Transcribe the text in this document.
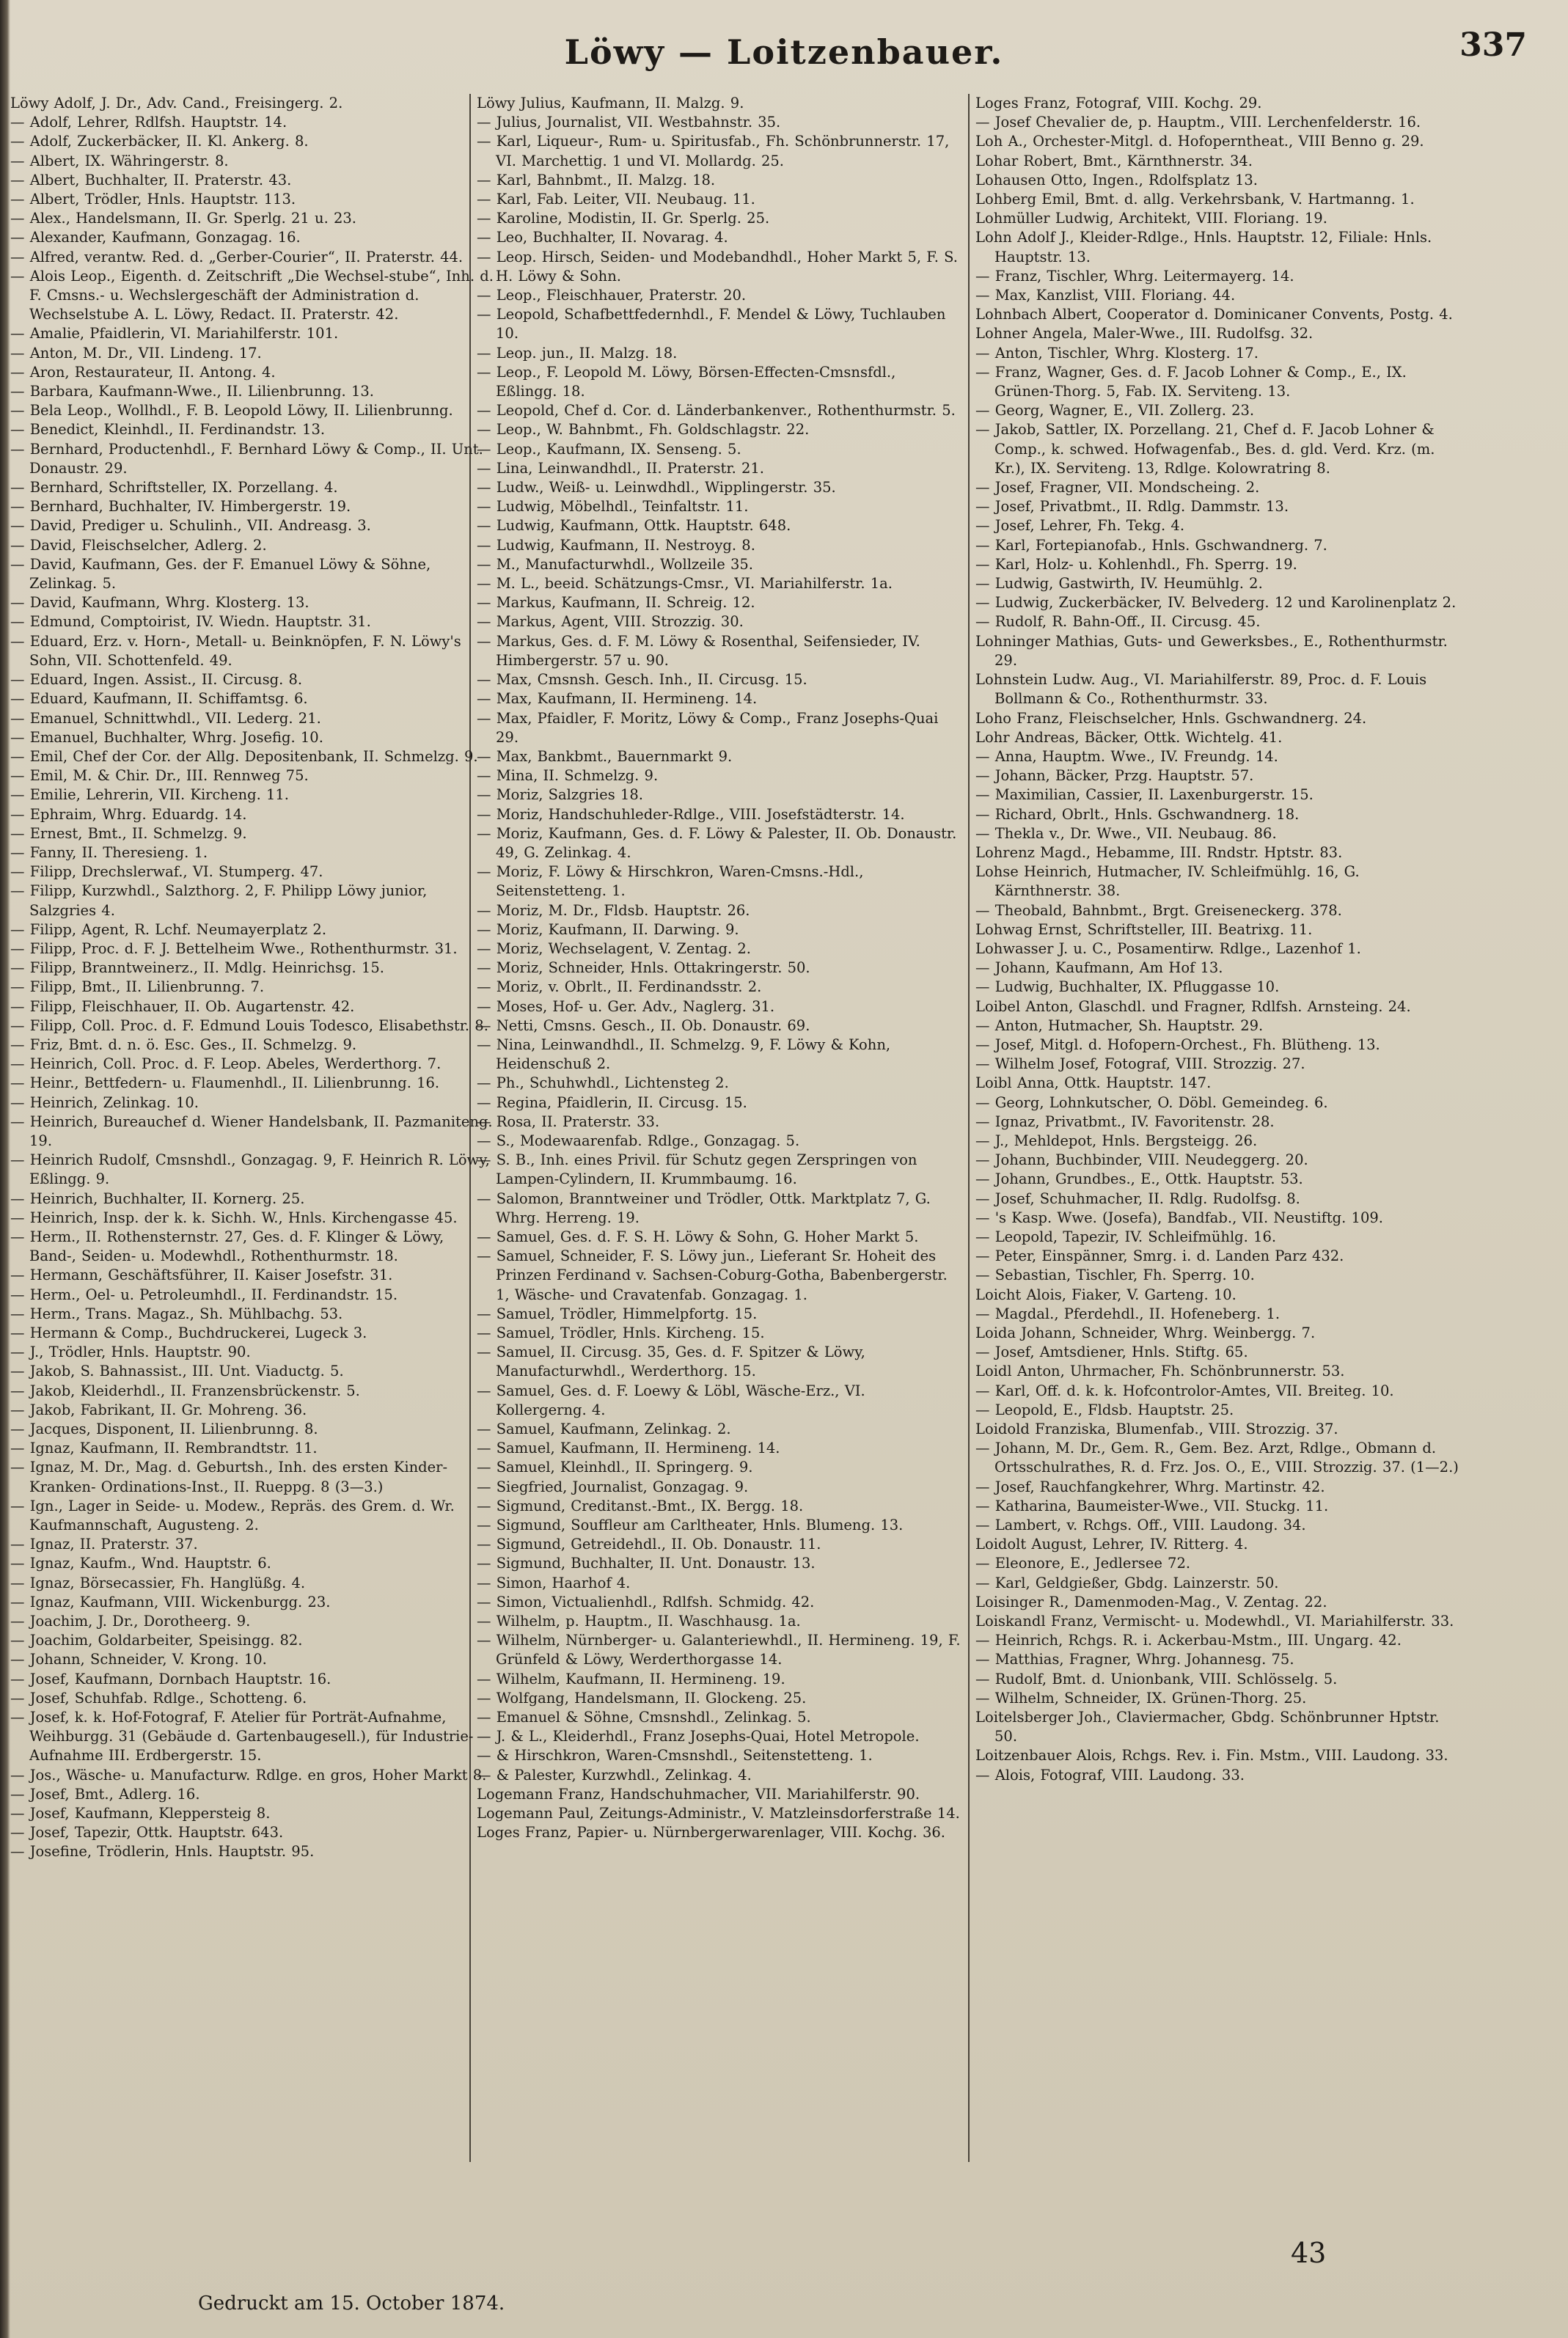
Löwy — Loitzenbauer.	337

Löwy Adolf, J. Dr., Adv. Cand., Freisingerg. 2.

— Adolf, Lehrer, Rdlfsh. Hauptstr. 14.

— Adolf, Zuckerbäcker, II. Kl. Ankerg. 8.

— Albert, IX. Währingerstr. 8.

— Albert, Buchhalter, II. Praterstr. 43.

— Albert, Trödler, Hnls. Hauptstr. 113.

— Alex., Handelsmann, II. Gr. Sperlg. 21 u. 23.

— Alexander, Kaufmann, Gonzagag. 16.

— Alfred, verantw. Red. d. „Gerber-Courier“, II. Praterstr. 44.

— Alois Leop., Eigenth. d. Zeitschrift „Die Wechsel-stube“, Inh. d. F. Cmsns.- u. Wechslergeschäft der Administration d. Wechselstube A. L. Löwy, Redact. II. Praterstr. 42.

— Amalie, Pfaidlerin, VI. Mariahilferstr. 101.

— Anton, M. Dr., VII. Lindeng. 17.

— Aron, Restaurateur, II. Antong. 4.

— Barbara, Kaufmann-Wwe., II. Lilienbrunng. 13.

— Bela Leop., Wollhdl., F. B. Leopold Löwy, II. Lilienbrunng.

— Benedict, Kleinhdl., II. Ferdinandstr. 13.

— Bernhard, Productenhdl., F. Bernhard Löwy & Comp., II. Unt. Donaustr. 29.

— Bernhard, Schriftsteller, IX. Porzellang. 4.

— Bernhard, Buchhalter, IV. Himbergerstr. 19.

— David, Prediger u. Schulinh., VII. Andreasg. 3.

— David, Fleischselcher, Adlerg. 2.

— David, Kaufmann, Ges. der F. Emanuel Löwy & Söhne, Zelinkag. 5.

— David, Kaufmann, Whrg. Klosterg. 13.

— Edmund, Comptoirist, IV. Wiedn. Hauptstr. 31.

— Eduard, Erz. v. Horn-, Metall- u. Beinknöpfen, F. N. Löwy's Sohn, VII. Schottenfeld. 49.

— Eduard, Ingen. Assist., II. Circusg. 8.

— Eduard, Kaufmann, II. Schiffamtsg. 6.

— Emanuel, Schnittwhdl., VII. Lederg. 21.

— Emanuel, Buchhalter, Whrg. Josefig. 10.

— Emil, Chef der Cor. der Allg. Depositenbank, II. Schmelzg. 9.

— Emil, M. & Chir. Dr., III. Rennweg 75.

— Emilie, Lehrerin, VII. Kircheng. 11.

— Ephraim, Whrg. Eduardg. 14.

— Ernest, Bmt., II. Schmelzg. 9.

— Fanny, II. Theresieng. 1.

— Filipp, Drechslerwaf., VI. Stumperg. 47.

— Filipp, Kurzwhdl., Salzthorg. 2, F. Philipp Löwy junior, Salzgries 4.

— Filipp, Agent, R. Lchf. Neumayerplatz 2.

— Filipp, Proc. d. F. J. Bettelheim Wwe., Rothenthurmstr. 31.

— Filipp, Branntweinerz., II. Mdlg. Heinrichsg. 15.

— Filipp, Bmt., II. Lilienbrunng. 7.

— Filipp, Fleischhauer, II. Ob. Augartenstr. 42.

— Filipp, Coll. Proc. d. F. Edmund Louis Todesco, Elisabethstr. 8.

— Friz, Bmt. d. n. ö. Esc. Ges., II. Schmelzg. 9.

— Heinrich, Coll. Proc. d. F. Leop. Abeles, Werderthorg. 7.

— Heinr., Bettfedern- u. Flaumenhdl., II. Lilienbrunng. 16.

— Heinrich, Zelinkag. 10.

— Heinrich, Bureauchef d. Wiener Handelsbank, II. Pazmaniteng. 19.

— Heinrich Rudolf, Cmsnshdl., Gonzagag. 9, F. Heinrich R. Löwy, Eßlingg. 9.

— Heinrich, Buchhalter, II. Kornerg. 25.

— Heinrich, Insp. der k. k. Sichh. W., Hnls. Kirchengasse 45.

— Herm., II. Rothensternstr. 27, Ges. d. F. Klinger & Löwy, Band-, Seiden- u. Modewhdl., Rothenthurmstr. 18.

— Hermann, Geschäftsführer, II. Kaiser Josefstr. 31.

— Herm., Oel- u. Petroleumhdl., II. Ferdinandstr. 15.

— Herm., Trans. Magaz., Sh. Mühlbachg. 53.

— Hermann & Comp., Buchdruckerei, Lugeck 3.

— J., Trödler, Hnls. Hauptstr. 90.

— Jakob, S. Bahnassist., III. Unt. Viaductg. 5.

— Jakob, Kleiderhdl., II. Franzensbrückenstr. 5.

— Jakob, Fabrikant, II. Gr. Mohreng. 36.

— Jacques, Disponent, II. Lilienbrunng. 8.

— Ignaz, Kaufmann, II. Rembrandtstr. 11.

— Ignaz, M. Dr., Mag. d. Geburtsh., Inh. des ersten Kinder-Kranken- Ordinations-Inst., II. Rueppg. 8 (3—3.)

— Ign., Lager in Seide- u. Modew., Repräs. des Grem. d. Wr. Kaufmannschaft, Augusteng. 2.

— Ignaz, II. Praterstr. 37.

— Ignaz, Kaufm., Wnd. Hauptstr. 6.

— Ignaz, Börsecassier, Fh. Hanglüßg. 4.

— Ignaz, Kaufmann, VIII. Wickenburgg. 23.

— Joachim, J. Dr., Dorotheerg. 9.

— Joachim, Goldarbeiter, Speisingg. 82.

— Johann, Schneider, V. Krong. 10.

— Josef, Kaufmann, Dornbach Hauptstr. 16.

— Josef, Schuhfab. Rdlge., Schotteng. 6.

— Josef, k. k. Hof-Fotograf, F. Atelier für Porträt-Aufnahme, Weihburgg. 31 (Gebäude d. Gartenbaugesell.), für Industrie-Aufnahme III. Erdbergerstr. 15.

— Jos., Wäsche- u. Manufacturw. Rdlge. en gros, Hoher Markt 8.

— Josef, Bmt., Adlerg. 16.

— Josef, Kaufmann, Kleppersteig 8.

— Josef, Tapezir, Ottk. Hauptstr. 643.

— Josefine, Trödlerin, Hnls. Hauptstr. 95.

Löwy Julius, Kaufmann, II. Malzg. 9.

— Julius, Journalist, VII. Westbahnstr. 35.

— Karl, Liqueur-, Rum- u. Spiritusfab., Fh. Schönbrunnerstr. 17, VI. Marchettig. 1 und VI. Mollardg. 25.

— Karl, Bahnbmt., II. Malzg. 18.

— Karl, Fab. Leiter, VII. Neubaug. 11.

— Karoline, Modistin, II. Gr. Sperlg. 25.

— Leo, Buchhalter, II. Novarag. 4.

— Leop. Hirsch, Seiden- und Modebandhdl., Hoher Markt 5, F. S. H. Löwy & Sohn.

— Leop., Fleischhauer, Praterstr. 20.

— Leopold, Schafbettfedernhdl., F. Mendel & Löwy, Tuchlauben 10.

— Leop. jun., II. Malzg. 18.

— Leop., F. Leopold M. Löwy, Börsen-Effecten-Cmsnsfdl., Eßlingg. 18.

— Leopold, Chef d. Cor. d. Länderbankenver., Rothenthurmstr. 5.

— Leop., W. Bahnbmt., Fh. Goldschlagstr. 22.

— Leop., Kaufmann, IX. Senseng. 5.

— Lina, Leinwandhdl., II. Praterstr. 21.

— Ludw., Weiß- u. Leinwdhdl., Wipplingerstr. 35.

— Ludwig, Möbelhdl., Teinfaltstr. 11.

— Ludwig, Kaufmann, Ottk. Hauptstr. 648.

— Ludwig, Kaufmann, II. Nestroyg. 8.

— M., Manufacturwhdl., Wollzeile 35.

— M. L., beeid. Schätzungs-Cmsr., VI. Mariahilferstr. 1a.

— Markus, Kaufmann, II. Schreig. 12.

— Markus, Agent, VIII. Strozzig. 30.

— Markus, Ges. d. F. M. Löwy & Rosenthal, Seifensieder, IV. Himbergerstr. 57 u. 90.

— Max, Cmsnsh. Gesch. Inh., II. Circusg. 15.

— Max, Kaufmann, II. Hermineng. 14.

— Max, Pfaidler, F. Moritz, Löwy & Comp., Franz Josephs-Quai 29.

— Max, Bankbmt., Bauernmarkt 9.

— Mina, II. Schmelzg. 9.

— Moriz, Salzgries 18.

— Moriz, Handschuhleder-Rdlge., VIII. Josefstädterstr. 14.

— Moriz, Kaufmann, Ges. d. F. Löwy & Palester, II. Ob. Donaustr. 49, G. Zelinkag. 4.

— Moriz, F. Löwy & Hirschkron, Waren-Cmsns.-Hdl., Seitenstetteng. 1.

— Moriz, M. Dr., Fldsb. Hauptstr. 26.

— Moriz, Kaufmann, II. Darwing. 9.

— Moriz, Wechselagent, V. Zentag. 2.

— Moriz, Schneider, Hnls. Ottakringerstr. 50.

— Moriz, v. Obrlt., II. Ferdinandsstr. 2.

— Moses, Hof- u. Ger. Adv., Naglerg. 31.

— Netti, Cmsns. Gesch., II. Ob. Donaustr. 69.

— Nina, Leinwandhdl., II. Schmelzg. 9, F. Löwy & Kohn, Heidenschuß 2.

— Ph., Schuhwhdl., Lichtensteg 2.

— Regina, Pfaidlerin, II. Circusg. 15.

— Rosa, II. Praterstr. 33.

— S., Modewaarenfab. Rdlge., Gonzagag. 5.

— S. B., Inh. eines Privil. für Schutz gegen Zerspringen von Lampen-Cylindern, II. Krummbaumg. 16.

— Salomon, Branntweiner und Trödler, Ottk. Marktplatz 7, G. Whrg. Herreng. 19.

— Samuel, Ges. d. F. S. H. Löwy & Sohn, G. Hoher Markt 5.

— Samuel, Schneider, F. S. Löwy jun., Lieferant Sr. Hoheit des Prinzen Ferdinand v. Sachsen-Coburg-Gotha, Babenbergerstr. 1, Wäsche- und Cravatenfab. Gonzagag. 1.

— Samuel, Trödler, Himmelpfortg. 15.

— Samuel, Trödler, Hnls. Kircheng. 15.

— Samuel, II. Circusg. 35, Ges. d. F. Spitzer & Löwy, Manufacturwhdl., Werderthorg. 15.

— Samuel, Ges. d. F. Loewy & Löbl, Wäsche-Erz., VI. Kollergerng. 4.

— Samuel, Kaufmann, Zelinkag. 2.

— Samuel, Kaufmann, II. Hermineng. 14.

— Samuel, Kleinhdl., II. Springerg. 9.

— Siegfried, Journalist, Gonzagag. 9.

— Sigmund, Creditanst.-Bmt., IX. Bergg. 18.

— Sigmund, Souffleur am Carltheater, Hnls. Blumeng. 13.

— Sigmund, Getreidehdl., II. Ob. Donaustr. 11.

— Sigmund, Buchhalter, II. Unt. Donaustr. 13.

— Simon, Haarhof 4.

— Simon, Victualienhdl., Rdlfsh. Schmidg. 42.

— Wilhelm, p. Hauptm., II. Waschhausg. 1a.

— Wilhelm, Nürnberger- u. Galanteriewhdl., II. Hermineng. 19, F. Grünfeld & Löwy, Werderthorgasse 14.

— Wilhelm, Kaufmann, II. Hermineng. 19.

— Wolfgang, Handelsmann, II. Glockeng. 25.

— Emanuel & Söhne, Cmsnshdl., Zelinkag. 5.

— J. & L., Kleiderhdl., Franz Josephs-Quai, Hotel Metropole.

— & Hirschkron, Waren-Cmsnshdl., Seitenstetteng. 1.

— & Palester, Kurzwhdl., Zelinkag. 4.

Logemann Franz, Handschuhmacher, VII. Mariahilferstr. 90.

Logemann Paul, Zeitungs-Administr., V. Matzleinsdorferstraße 14.

Loges Franz, Papier- u. Nürnbergerwarenlager, VIII. Kochg. 36.

Loges Franz, Fotograf, VIII. Kochg. 29.

— Josef Chevalier de, p. Hauptm., VIII. Lerchenfelderstr. 16.

Loh A., Orchester-Mitgl. d. Hofoperntheat., VIII Benno g. 29.

Lohar Robert, Bmt., Kärnthnerstr. 34.

Lohausen Otto, Ingen., Rdolfsplatz 13.

Lohberg Emil, Bmt. d. allg. Verkehrsbank, V. Hartmanng. 1.

Lohmüller Ludwig, Architekt, VIII. Floriang. 19.

Lohn Adolf J., Kleider-Rdlge., Hnls. Hauptstr. 12, Filiale: Hnls. Hauptstr. 13.

— Franz, Tischler, Whrg. Leitermayerg. 14.

— Max, Kanzlist, VIII. Floriang. 44.

Lohnbach Albert, Cooperator d. Dominicaner Convents, Postg. 4.

Lohner Angela, Maler-Wwe., III. Rudolfsg. 32.

— Anton, Tischler, Whrg. Klosterg. 17.

— Franz, Wagner, Ges. d. F. Jacob Lohner & Comp., E., IX. Grünen-Thorg. 5, Fab. IX. Serviteng. 13.

— Georg, Wagner, E., VII. Zollerg. 23.

— Jakob, Sattler, IX. Porzellang. 21, Chef d. F. Jacob Lohner & Comp., k. schwed. Hofwagenfab., Bes. d. gld. Verd. Krz. (m. Kr.), IX. Serviteng. 13, Rdlge. Kolowratring 8.

— Josef, Fragner, VII. Mondscheing. 2.

— Josef, Privatbmt., II. Rdlg. Dammstr. 13.

— Josef, Lehrer, Fh. Tekg. 4.

— Karl, Fortepianofab., Hnls. Gschwandnerg. 7.

— Karl, Holz- u. Kohlenhdl., Fh. Sperrg. 19.

— Ludwig, Gastwirth, IV. Heumühlg. 2.

— Ludwig, Zuckerbäcker, IV. Belvederg. 12 und Karolinenplatz 2.

— Rudolf, R. Bahn-Off., II. Circusg. 45.

Lohninger Mathias, Guts- und Gewerksbes., E., Rothenthurmstr. 29.

Lohnstein Ludw. Aug., VI. Mariahilferstr. 89, Proc. d. F. Louis Bollmann & Co., Rothenthurmstr. 33.

Loho Franz, Fleischselcher, Hnls. Gschwandnerg. 24.

Lohr Andreas, Bäcker, Ottk. Wichtelg. 41.

— Anna, Hauptm. Wwe., IV. Freundg. 14.

— Johann, Bäcker, Przg. Hauptstr. 57.

— Maximilian, Cassier, II. Laxenburgerstr. 15.

— Richard, Obrlt., Hnls. Gschwandnerg. 18.

— Thekla v., Dr. Wwe., VII. Neubaug. 86.

Lohrenz Magd., Hebamme, III. Rndstr. Hptstr. 83.

Lohse Heinrich, Hutmacher, IV. Schleifmühlg. 16, G. Kärnthnerstr. 38.

— Theobald, Bahnbmt., Brgt. Greiseneckerg. 378.

Lohwag Ernst, Schriftsteller, III. Beatrixg. 11.

Lohwasser J. u. C., Posamentirw. Rdlge., Lazenhof 1.

— Johann, Kaufmann, Am Hof 13.

— Ludwig, Buchhalter, IX. Pfluggasse 10.

Loibel Anton, Glaschdl. und Fragner, Rdlfsh. Arnsteing. 24.

— Anton, Hutmacher, Sh. Hauptstr. 29.

— Josef, Mitgl. d. Hofopern-Orchest., Fh. Blütheng. 13.

— Wilhelm Josef, Fotograf, VIII. Strozzig. 27.

Loibl Anna, Ottk. Hauptstr. 147.

— Georg, Lohnkutscher, O. Döbl. Gemeindeg. 6.

— Ignaz, Privatbmt., IV. Favoritenstr. 28.

— J., Mehldepot, Hnls. Bergsteigg. 26.

— Johann, Buchbinder, VIII. Neudeggerg. 20.

— Johann, Grundbes., E., Ottk. Hauptstr. 53.

— Josef, Schuhmacher, II. Rdlg. Rudolfsg. 8.

— 's Kasp. Wwe. (Josefa), Bandfab., VII. Neustiftg. 109.

— Leopold, Tapezir, IV. Schleifmühlg. 16.

— Peter, Einspänner, Smrg. i. d. Landen Parz 432.

— Sebastian, Tischler, Fh. Sperrg. 10.

Loicht Alois, Fiaker, V. Garteng. 10.

— Magdal., Pferdehdl., II. Hofeneberg. 1.

Loida Johann, Schneider, Whrg. Weinbergg. 7.

— Josef, Amtsdiener, Hnls. Stiftg. 65.

Loidl Anton, Uhrmacher, Fh. Schönbrunnerstr. 53.

— Karl, Off. d. k. k. Hofcontrolor-Amtes, VII. Breiteg. 10.

— Leopold, E., Fldsb. Hauptstr. 25.

Loidold Franziska, Blumenfab., VIII. Strozzig. 37.

— Johann, M. Dr., Gem. R., Gem. Bez. Arzt, Rdlge., Obmann d. Ortsschulrathes, R. d. Frz. Jos. O., E., VIII. Strozzig. 37. (1—2.)

— Josef, Rauchfangkehrer, Whrg. Martinstr. 42.

— Katharina, Baumeister-Wwe., VII. Stuckg. 11.

— Lambert, v. Rchgs. Off., VIII. Laudong. 34.

Loidolt August, Lehrer, IV. Ritterg. 4.

— Eleonore, E., Jedlersee 72.

— Karl, Geldgießer, Gbdg. Lainzerstr. 50.

Loisinger R., Damenmoden-Mag., V. Zentag. 22.

Loiskandl Franz, Vermischt- u. Modewhdl., VI. Mariahilferstr. 33.

— Heinrich, Rchgs. R. i. Ackerbau-Mstm., III. Ungarg. 42.

— Matthias, Fragner, Whrg. Johannesg. 75.

— Rudolf, Bmt. d. Unionbank, VIII. Schlösselg. 5.

— Wilhelm, Schneider, IX. Grünen-Thorg. 25.

Loitelsberger Joh., Claviermacher, Gbdg. Schönbrunner Hptstr. 50.

Loitzenbauer Alois, Rchgs. Rev. i. Fin. Mstm., VIII. Laudong. 33.

— Alois, Fotograf, VIII. Laudong. 33.

Gedruckt am 15. October 1874.
43
